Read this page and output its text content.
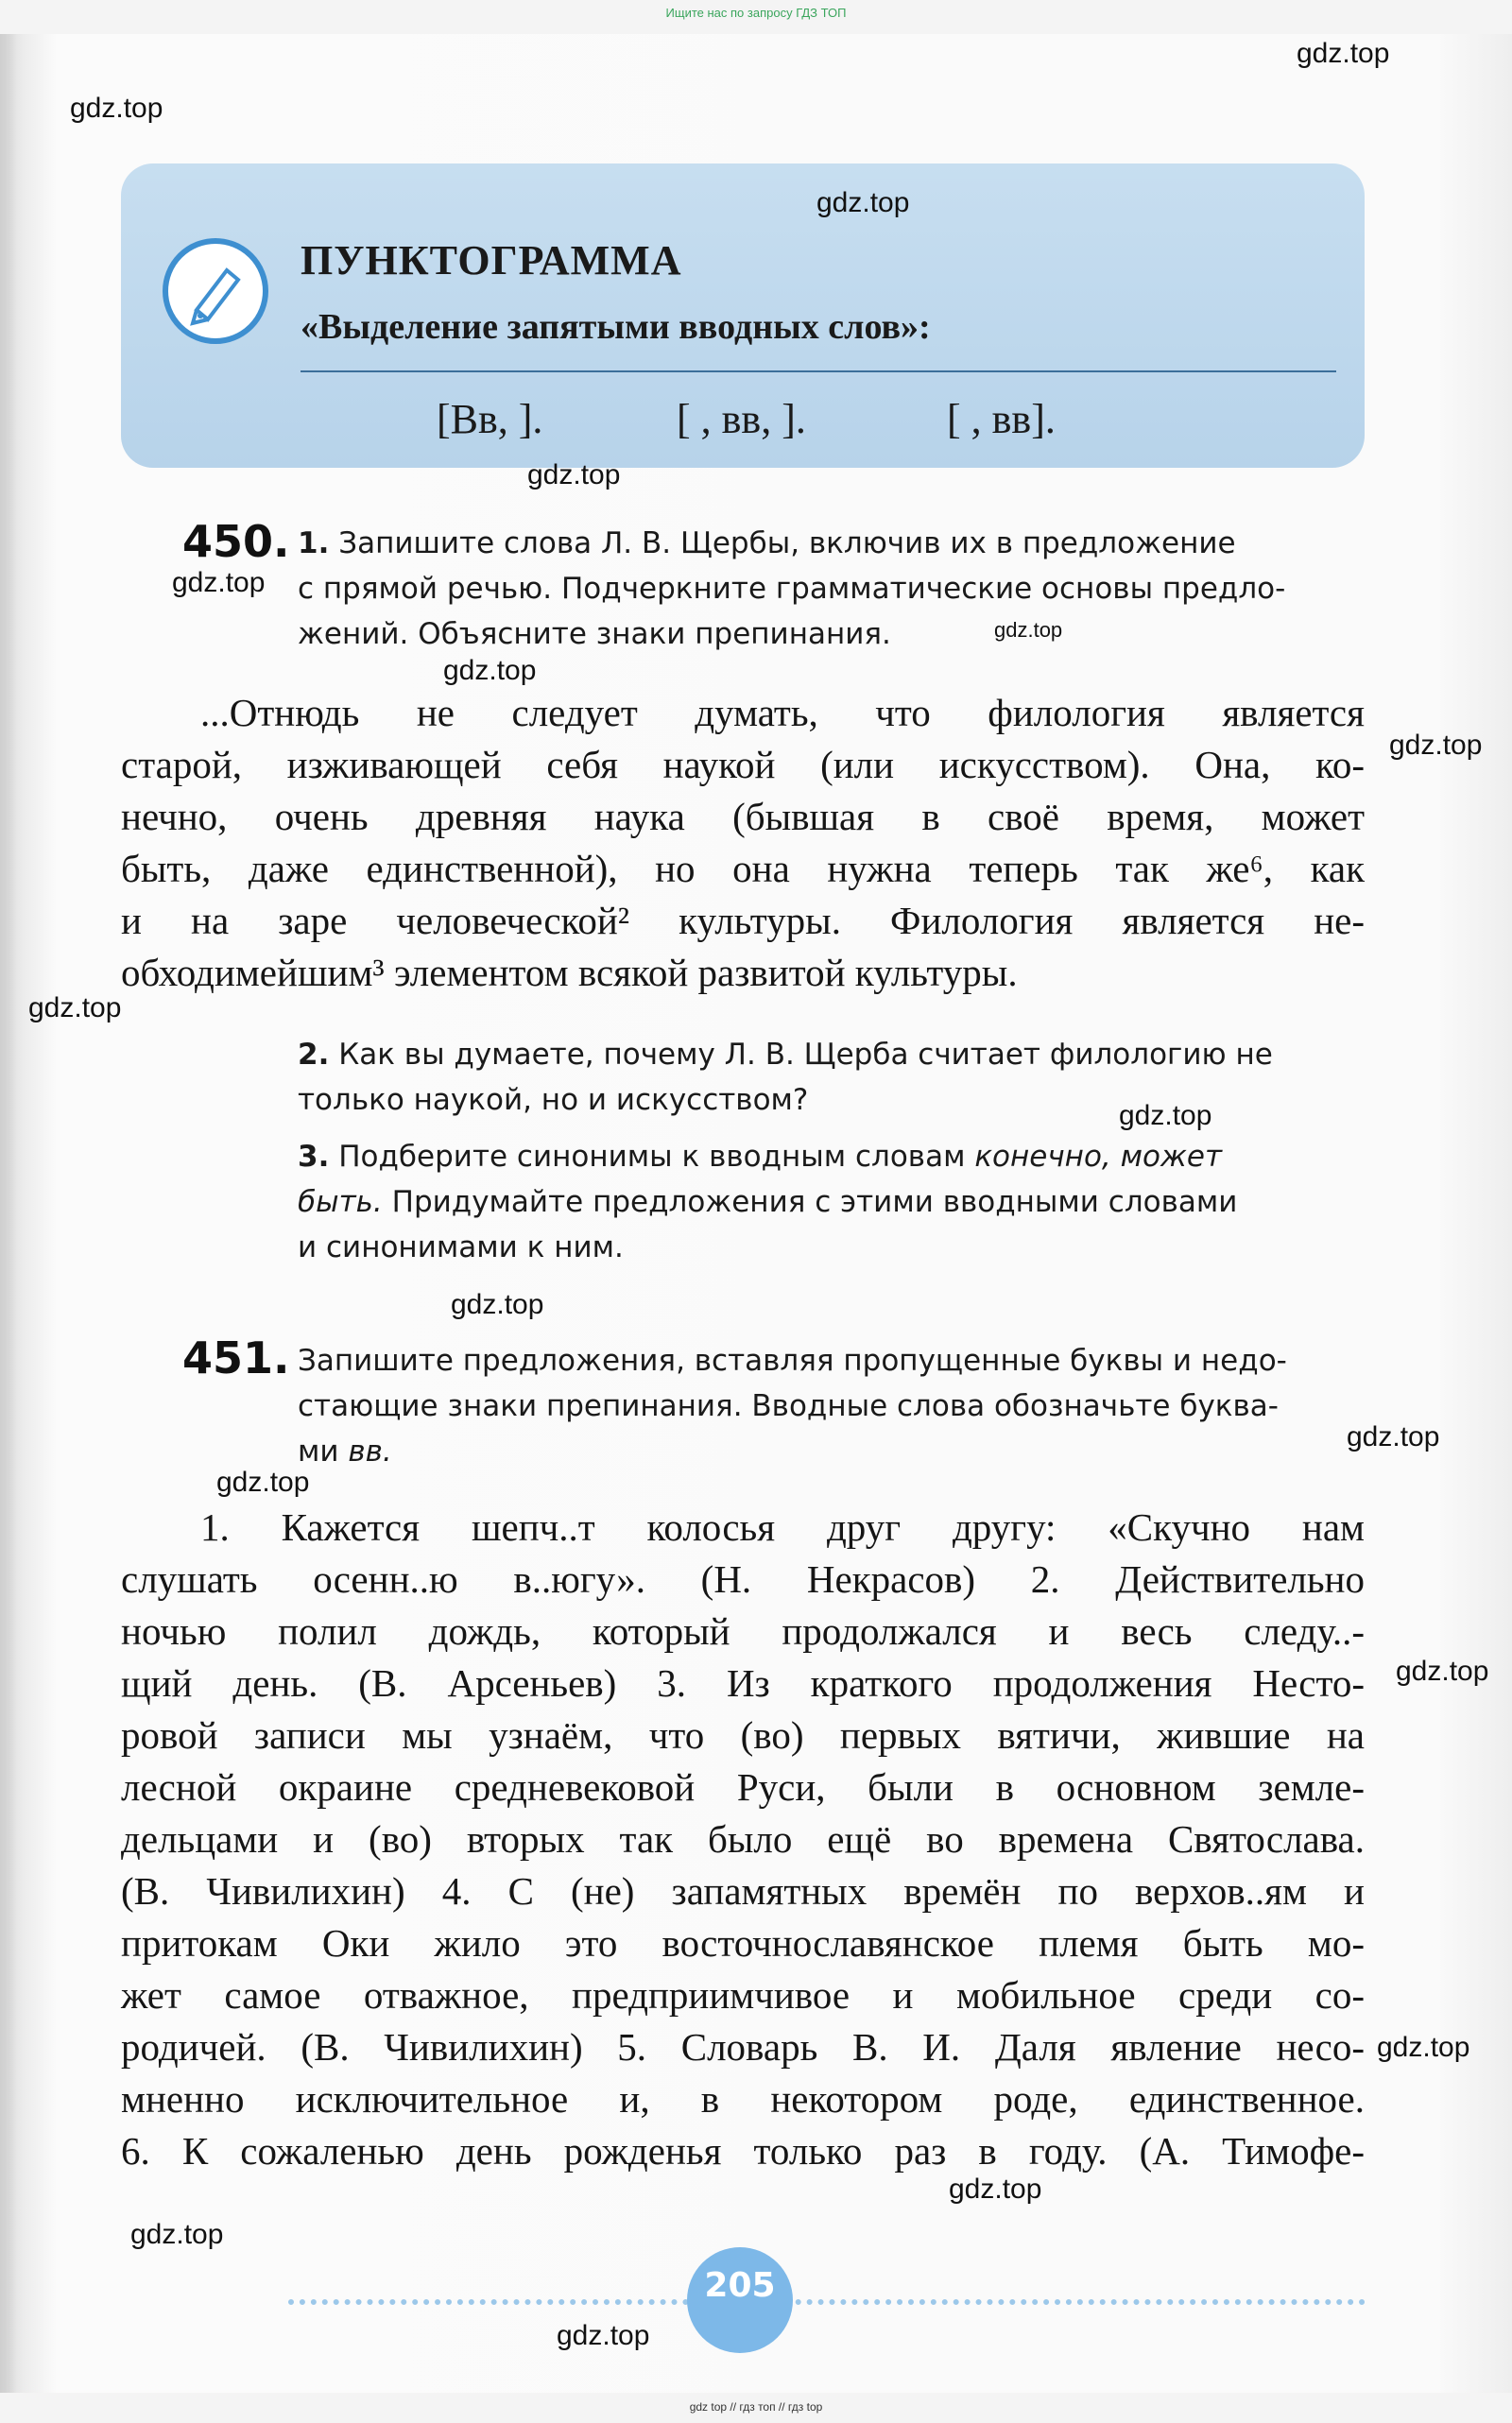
Ищите нас по запросу ГДЗ ТОП
ПУНКТОГРАММА
«Выделение запятыми вводных слов»:
[Вв, ].	[ , вв, ].	[ , вв].
450. 1. Запишите слова Л. В. Щербы, включив их в предложение
с прямой речью. Подчеркните грамматические основы предло-
жений. Объясните знаки препинания.
...Отнюдь не следует думать, что филология является
старой, изживающей себя наукой (или искусством). Она, ко-
нечно, очень древняя наука (бывшая в своё время, может
быть, даже единственной), но она нужна теперь так же⁶, как
и на заре человеческой² культуры. Филология является не-
обходимейшим³ элементом всякой развитой культуры.
2. Как вы думаете, почему Л. В. Щерба считает филологию не
только наукой, но и искусством?
3. Подберите синонимы к вводным словам конечно, может
быть. Придумайте предложения с этими вводными словами
и синонимами к ним.
451. Запишите предложения, вставляя пропущенные буквы и недо-
стающие знаки препинания. Вводные слова обозначьте буква-
ми вв.
1. Кажется шепч..т колосья друг другу: «Скучно нам
слушать осенн..ю в..югу». (Н. Некрасов) 2. Действительно
ночью полил дождь, который продолжался и весь следу..-
щий день. (В. Арсеньев) 3. Из краткого продолжения Несто-
ровой записи мы узнаём, что (во) первых вятичи, жившие на
лесной окраине средневековой Руси, были в основном земле-
дельцами и (во) вторых так было ещё во времена Святослава.
(В. Чивилихин) 4. С (не) запамятных времён по верхов..ям и
притокам Оки жило это восточнославянское племя быть мо-
жет самое отважное, предприимчивое и мобильное среди со-
родичей. (В. Чивилихин) 5. Словарь В. И. Даля явление несо-
мненно исключительное и, в некотором роде, единственное.
6. К сожаленью день рожденья только раз в году. (А. Тимофе-
205
gdz.top
gdz.top
gdz.top
gdz.top
gdz.top
gdz.top
gdz.top
gdz.top
gdz.top
gdz.top
gdz.top
gdz.top
gdz.top
gdz.top
gdz.top
gdz.top
gdz.top
gdz.top
gdz top // гдз топ // гдз top
